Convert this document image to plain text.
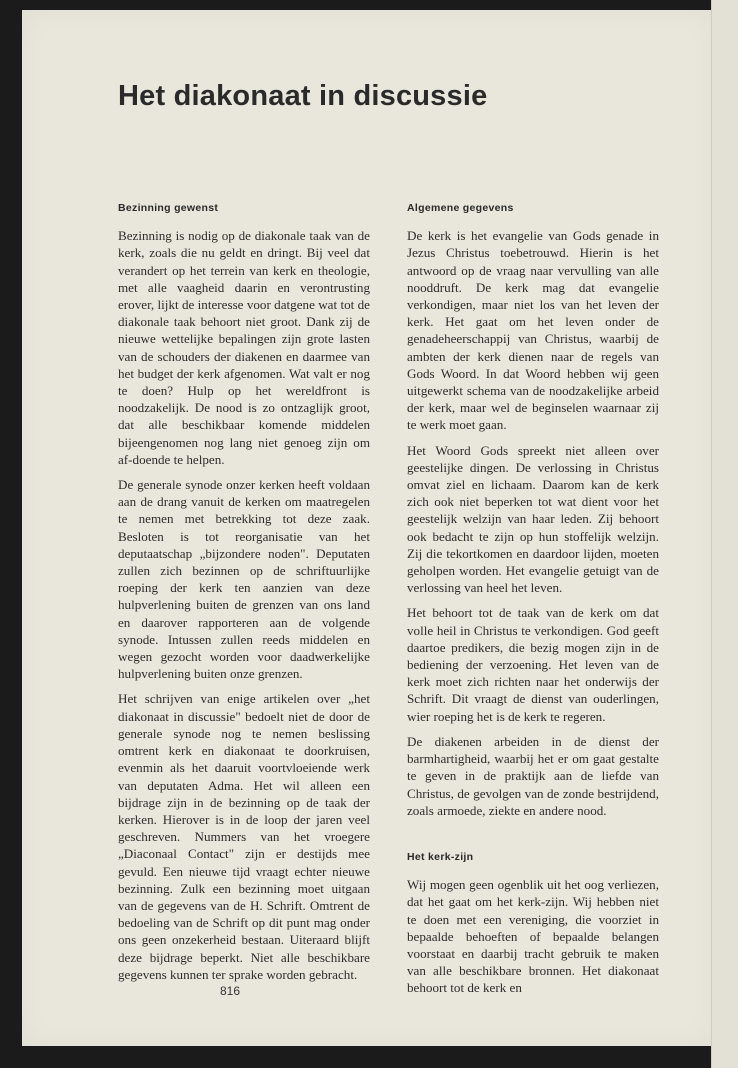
Het diakonaat in discussie
Bezinning gewenst

Bezinning is nodig op de diakonale taak van de kerk, zoals die nu geldt en dringt. Bij veel dat verandert op het terrein van kerk en theologie, met alle vaagheid daarin en verontrusting erover, lijkt de interesse voor datgene wat tot de diakonale taak behoort niet groot. Dank zij de nieuwe wettelijke bepalingen zijn grote lasten van de schouders der diakenen en daarmee van het budget der kerk afgenomen. Wat valt er nog te doen? Hulp op het wereldfront is noodzakelijk. De nood is zo ontzaglijk groot, dat alle beschikbaar komende middelen bijeengenomen nog lang niet genoeg zijn om af-doende te helpen.

De generale synode onzer kerken heeft voldaan aan de drang vanuit de kerken om maatregelen te nemen met betrekking tot deze zaak. Besloten is tot reorganisatie van het deputaatschap „bijzondere noden". Deputaten zullen zich bezinnen op de schriftuurlijke roeping der kerk ten aanzien van deze hulpverlening buiten de grenzen van ons land en daarover rapporteren aan de volgende synode. Intussen zullen reeds middelen en wegen gezocht worden voor daadwerkelijke hulpverlening buiten onze grenzen.

Het schrijven van enige artikelen over „het diakonaat in discussie" bedoelt niet de door de generale synode nog te nemen beslissing omtrent kerk en diakonaat te doorkruisen, evenmin als het daaruit voortvloeiende werk van deputaten Adma. Het wil alleen een bijdrage zijn in de bezinning op de taak der kerken. Hierover is in de loop der jaren veel geschreven. Nummers van het vroegere „Diaconaal Contact" zijn er destijds mee gevuld. Een nieuwe tijd vraagt echter nieuwe bezinning. Zulk een bezinning moet uitgaan van de gegevens van de H. Schrift. Omtrent de bedoeling van de Schrift op dit punt mag onder ons geen onzekerheid bestaan. Uiteraard blijft deze bijdrage beperkt. Niet alle beschikbare gegevens kunnen ter sprake worden gebracht.

Algemene gegevens

De kerk is het evangelie van Gods genade in Jezus Christus toebetrouwd. Hierin is het antwoord op de vraag naar vervulling van alle nooddruft. De kerk mag dat evangelie verkondigen, maar niet los van het leven der kerk. Het gaat om het leven onder de genadeheerschappij van Christus, waarbij de ambten der kerk dienen naar de regels van Gods Woord. In dat Woord hebben wij geen uitgewerkt schema van de noodzakelijke arbeid der kerk, maar wel de beginselen waarnaar zij te werk moet gaan.

Het Woord Gods spreekt niet alleen over geestelijke dingen. De verlossing in Christus omvat ziel en lichaam. Daarom kan de kerk zich ook niet beperken tot wat dient voor het geestelijk welzijn van haar leden. Zij behoort ook bedacht te zijn op hun stoffelijk welzijn. Zij die tekortkomen en daardoor lijden, moeten geholpen worden. Het evangelie getuigt van de verlossing van heel het leven.

Het behoort tot de taak van de kerk om dat volle heil in Christus te verkondigen. God geeft daartoe predikers, die bezig mogen zijn in de bediening der verzoening. Het leven van de kerk moet zich richten naar het onderwijs der Schrift. Dit vraagt de dienst van ouderlingen, wier roeping het is de kerk te regeren.

De diakenen arbeiden in de dienst der barmhartigheid, waarbij het er om gaat gestalte te geven in de praktijk aan de liefde van Christus, de gevolgen van de zonde bestrijdend, zoals armoede, ziekte en andere nood.

Het kerk-zijn

Wij mogen geen ogenblik uit het oog verliezen, dat het gaat om het kerk-zijn. Wij hebben niet te doen met een vereniging, die voorziet in bepaalde behoeften of bepaalde belangen voorstaat en daarbij tracht gebruik te maken van alle beschikbare bronnen. Het diakonaat behoort tot de kerk en

816
